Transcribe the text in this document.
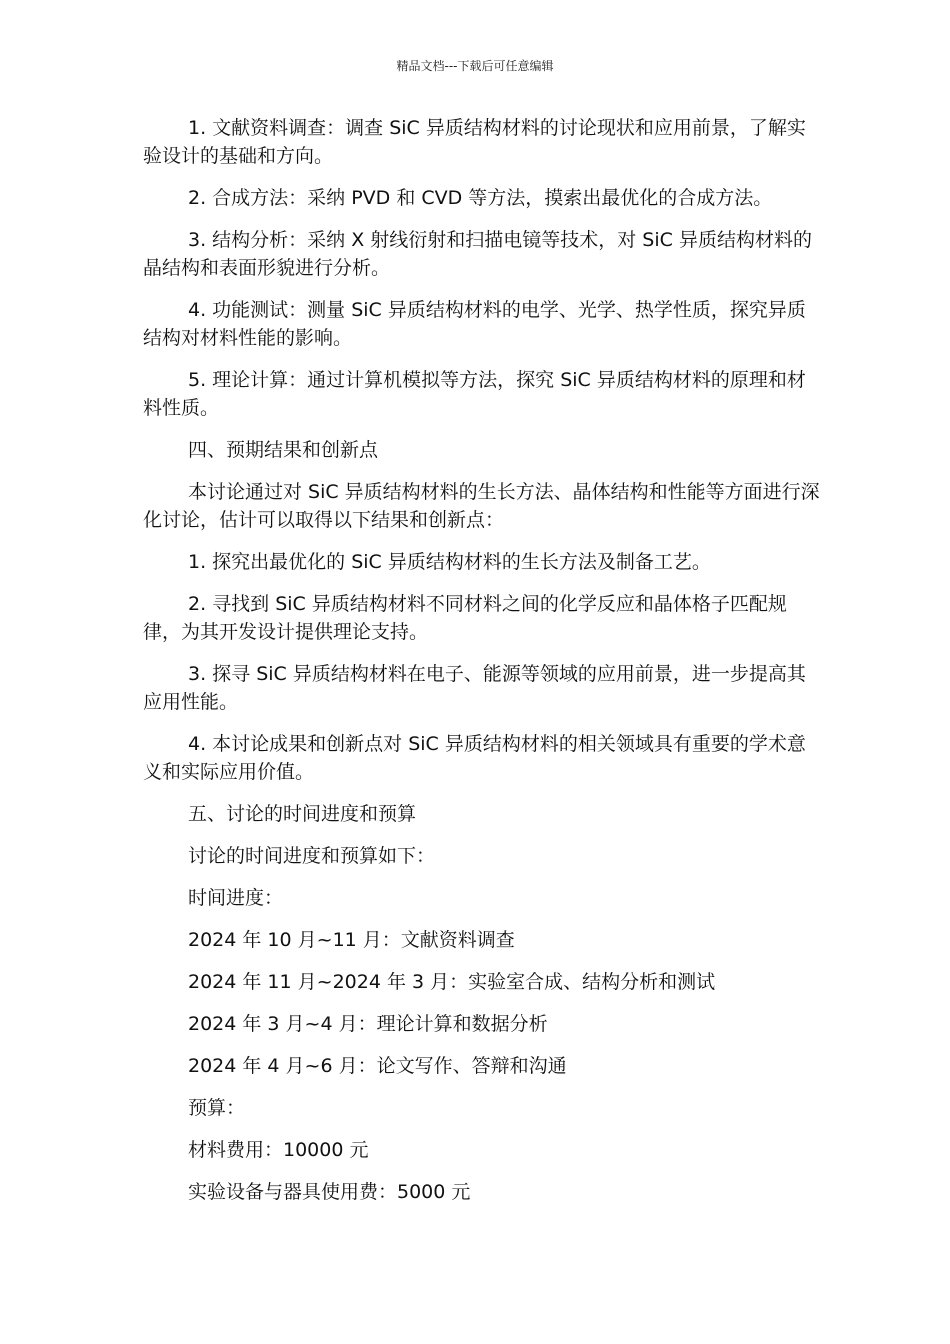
精品文档---下载后可任意编辑

1. 文献资料调查：调查 SiC 异质结构材料的讨论现状和应用前景，了解实验设计的基础和方向。

2. 合成方法：采纳 PVD 和 CVD 等方法，摸索出最优化的合成方法。

3. 结构分析：采纳 X 射线衍射和扫描电镜等技术，对 SiC 异质结构材料的晶结构和表面形貌进行分析。

4. 功能测试：测量 SiC 异质结构材料的电学、光学、热学性质，探究异质结构对材料性能的影响。

5. 理论计算：通过计算机模拟等方法，探究 SiC 异质结构材料的原理和材料性质。

四、预期结果和创新点

本讨论通过对 SiC 异质结构材料的生长方法、晶体结构和性能等方面进行深化讨论，估计可以取得以下结果和创新点：

1. 探究出最优化的 SiC 异质结构材料的生长方法及制备工艺。

2. 寻找到 SiC 异质结构材料不同材料之间的化学反应和晶体格子匹配规律，为其开发设计提供理论支持。

3. 探寻 SiC 异质结构材料在电子、能源等领域的应用前景，进一步提高其应用性能。

4. 本讨论成果和创新点对 SiC 异质结构材料的相关领域具有重要的学术意义和实际应用价值。

五、讨论的时间进度和预算

讨论的时间进度和预算如下：

时间进度：

2024 年 10 月~11 月：文献资料调查

2024 年 11 月~2024 年 3 月：实验室合成、结构分析和测试

2024 年 3 月~4 月：理论计算和数据分析

2024 年 4 月~6 月：论文写作、答辩和沟通

预算：

材料费用：10000 元

实验设备与器具使用费：5000 元
